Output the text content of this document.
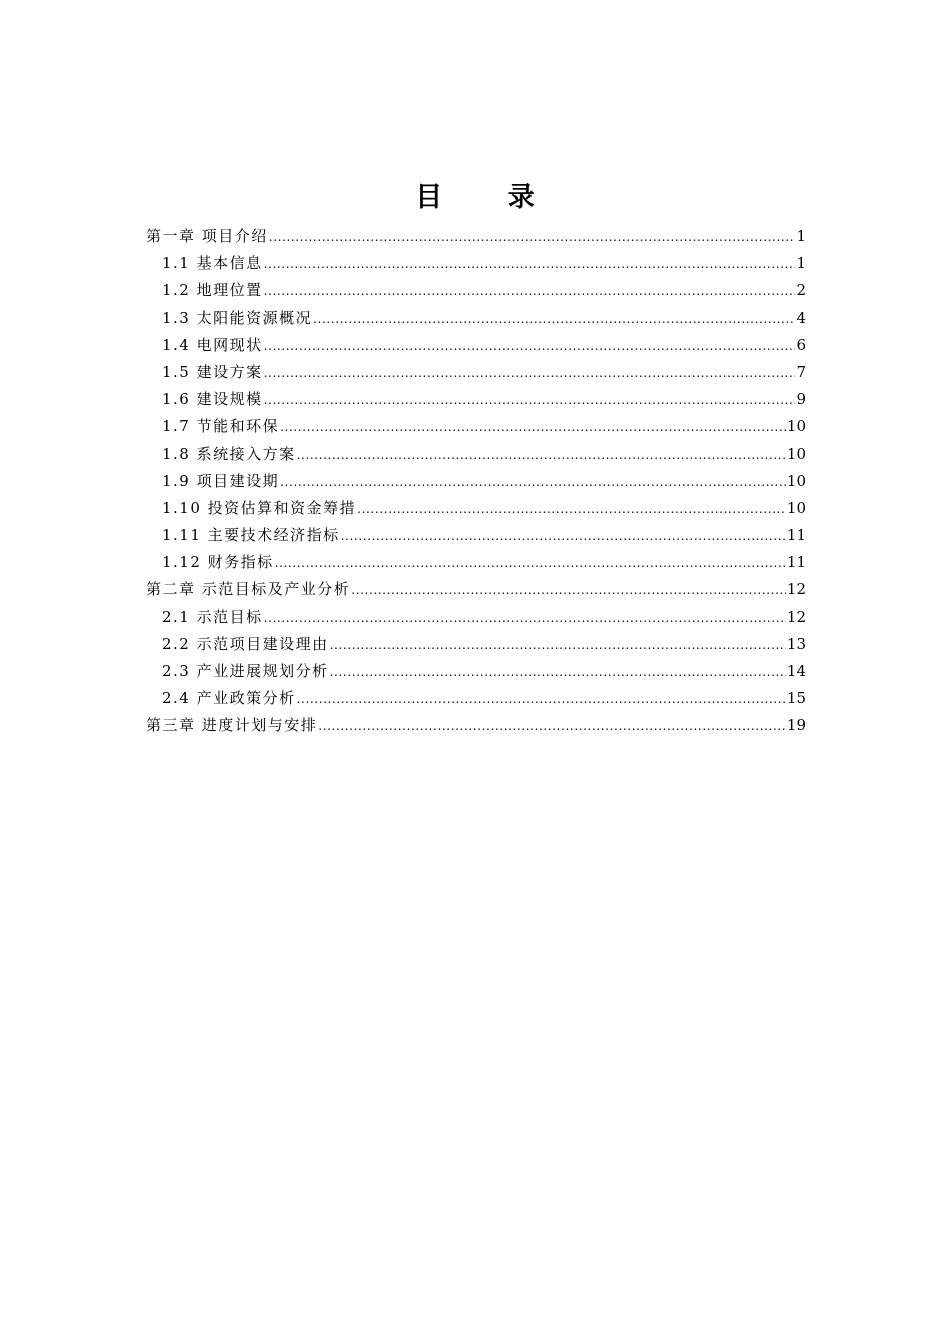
目 录
第一章 项目介绍 .....	1
1.1 基本信息 .....	1
1.2 地理位置 .....	2
1.3 太阳能资源概况 .....	4
1.4 电网现状 .....	6
1.5 建设方案 .....	7
1.6 建设规模 .....	9
1.7 节能和环保 .....	10
1.8 系统接入方案 .....	10
1.9 项目建设期 .....	10
1.10 投资估算和资金筹措 .....	10
1.11 主要技术经济指标 .....	11
1.12 财务指标 .....	11
第二章 示范目标及产业分析 .....	12
2.1 示范目标 .....	12
2.2 示范项目建设理由 .....	13
2.3 产业进展规划分析 .....	14
2.4 产业政策分析 .....	15
第三章 进度计划与安排 .....	19
